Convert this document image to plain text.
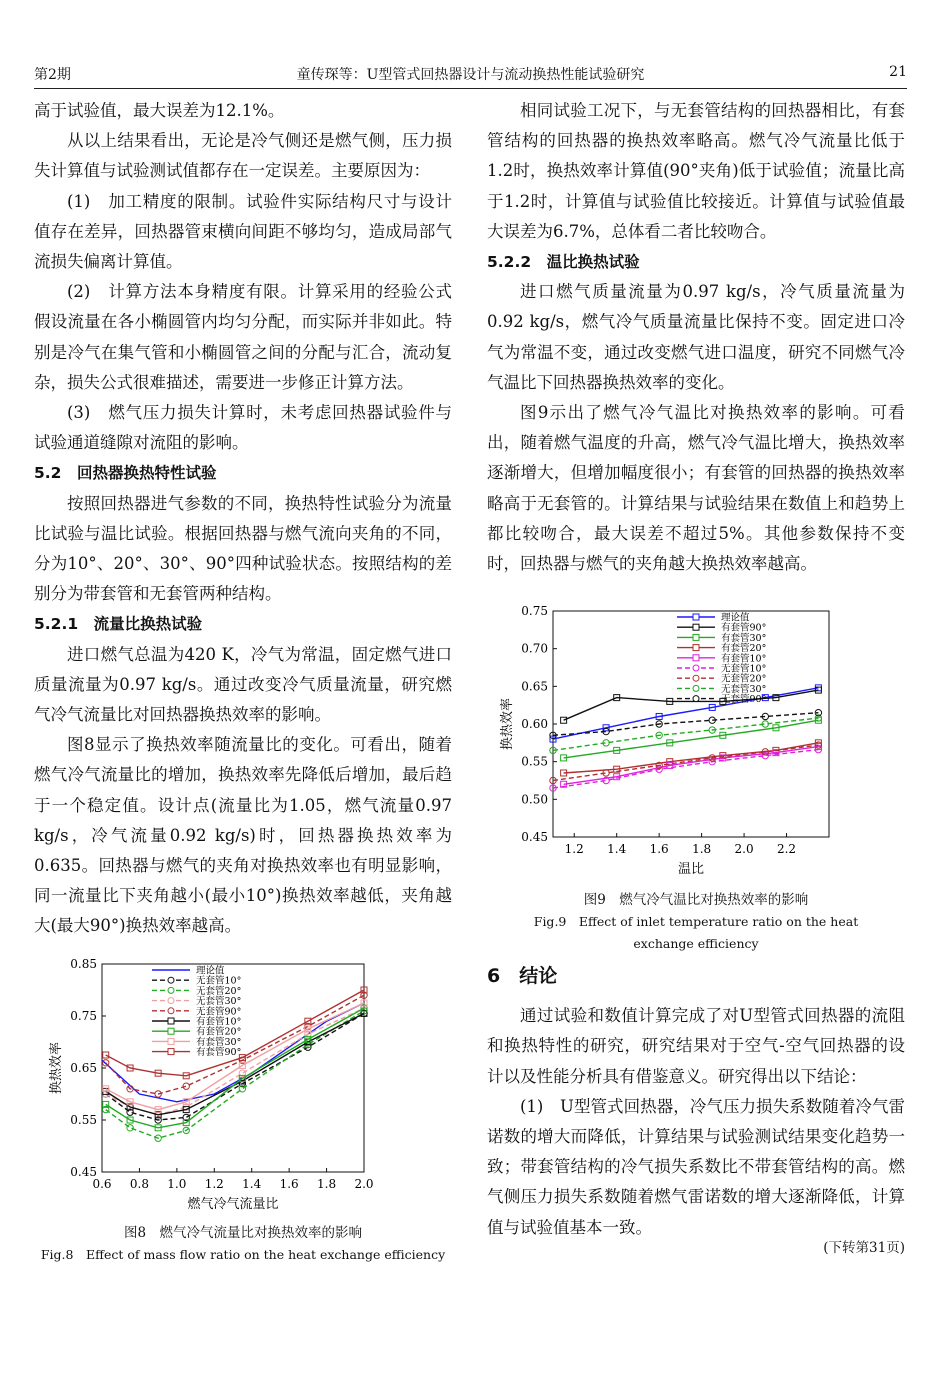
第2期	童传琛等：U型管式回热器设计与流动换热性能试验研究	21

高于试验值，最大误差为12.1%。

从以上结果看出，无论是冷气侧还是燃气侧，压力损失计算值与试验测试值都存在一定误差。主要原因为：

(1)　加工精度的限制。试验件实际结构尺寸与设计值存在差异，回热器管束横向间距不够均匀，造成局部气流损失偏离计算值。

(2)　计算方法本身精度有限。计算采用的经验公式假设流量在各小椭圆管内均匀分配，而实际并非如此。特别是冷气在集气管和小椭圆管之间的分配与汇合，流动复杂，损失公式很难描述，需要进一步修正计算方法。

(3)　燃气压力损失计算时，未考虑回热器试验件与试验通道缝隙对流阻的影响。

5.2　回热器换热特性试验

按照回热器进气参数的不同，换热特性试验分为流量比试验与温比试验。根据回热器与燃气流向夹角的不同，分为10°、20°、30°、90°四种试验状态。按照结构的差别分为带套管和无套管两种结构。

5.2.1　流量比换热试验

进口燃气总温为420 K，冷气为常温，固定燃气进口质量流量为0.97 kg/s。通过改变冷气质量流量，研究燃气冷气流量比对回热器换热效率的影响。

图8显示了换热效率随流量比的变化。可看出，随着燃气冷气流量比的增加，换热效率先降低后增加，最后趋于一个稳定值。设计点(流量比为1.05，燃气流量0.97 kg/s，冷气流量0.92 kg/s)时，回热器换热效率为0.635。回热器与燃气的夹角对换热效率也有明显影响，同一流量比下夹角越小(最小10°)换热效率越低，夹角越大(最大90°)换热效率越高。

0.6 0.8 1.0 1.2 1.4 1.6 1.8 2.0
0.45
0.55
0.65
0.75
0.85
燃气冷气流量比
换热效率
理论值
无套管10°
无套管20°
无套管30°
无套管90°
有套管10°
有套管20°
有套管30°
有套管90°
图8　燃气冷气流量比对换热效率的影响
Fig.8　Effect of mass flow ratio on the heat exchange efficiency

相同试验工况下，与无套管结构的回热器相比，有套管结构的回热器的换热效率略高。燃气冷气流量比低于1.2时，换热效率计算值(90°夹角)低于试验值；流量比高于1.2时，计算值与试验值比较接近。计算值与试验值最大误差为6.7%，总体看二者比较吻合。

5.2.2　温比换热试验

进口燃气质量流量为0.97 kg/s，冷气质量流量为0.92 kg/s，燃气冷气质量流量比保持不变。固定进口冷气为常温不变，通过改变燃气进口温度，研究不同燃气冷气温比下回热器换热效率的变化。

图9示出了燃气冷气温比对换热效率的影响。可看出，随着燃气温度的升高，燃气冷气温比增大，换热效率逐渐增大，但增加幅度很小；有套管的回热器的换热效率略高于无套管的。计算结果与试验结果在数值上和趋势上都比较吻合，最大误差不超过5%。其他参数保持不变时，回热器与燃气的夹角越大换热效率越高。

1.2 1.4 1.6 1.8 2.0 2.2
0.45
0.50
0.55
0.60
0.65
0.70
0.75
温比
换热效率
理论值
有套管90°
有套管30°
有套管20°
有套管10°
无套管10°
无套管20°
无套管30°
无套管90°
图9　燃气冷气温比对换热效率的影响
Fig.9　Effect of inlet temperature ratio on the heat
exchange efficiency
6　结论

通过试验和数值计算完成了对U型管式回热器的流阻和换热特性的研究，研究结果对于空气-空气回热器的设计以及性能分析具有借鉴意义。研究得出以下结论：

(1)　U型管式回热器，冷气压力损失系数随着冷气雷诺数的增大而降低，计算结果与试验测试结果变化趋势一致；带套管结构的冷气损失系数比不带套管结构的高。燃气侧压力损失系数随着燃气雷诺数的增大逐渐降低，计算值与试验值基本一致。

(下转第31页)
